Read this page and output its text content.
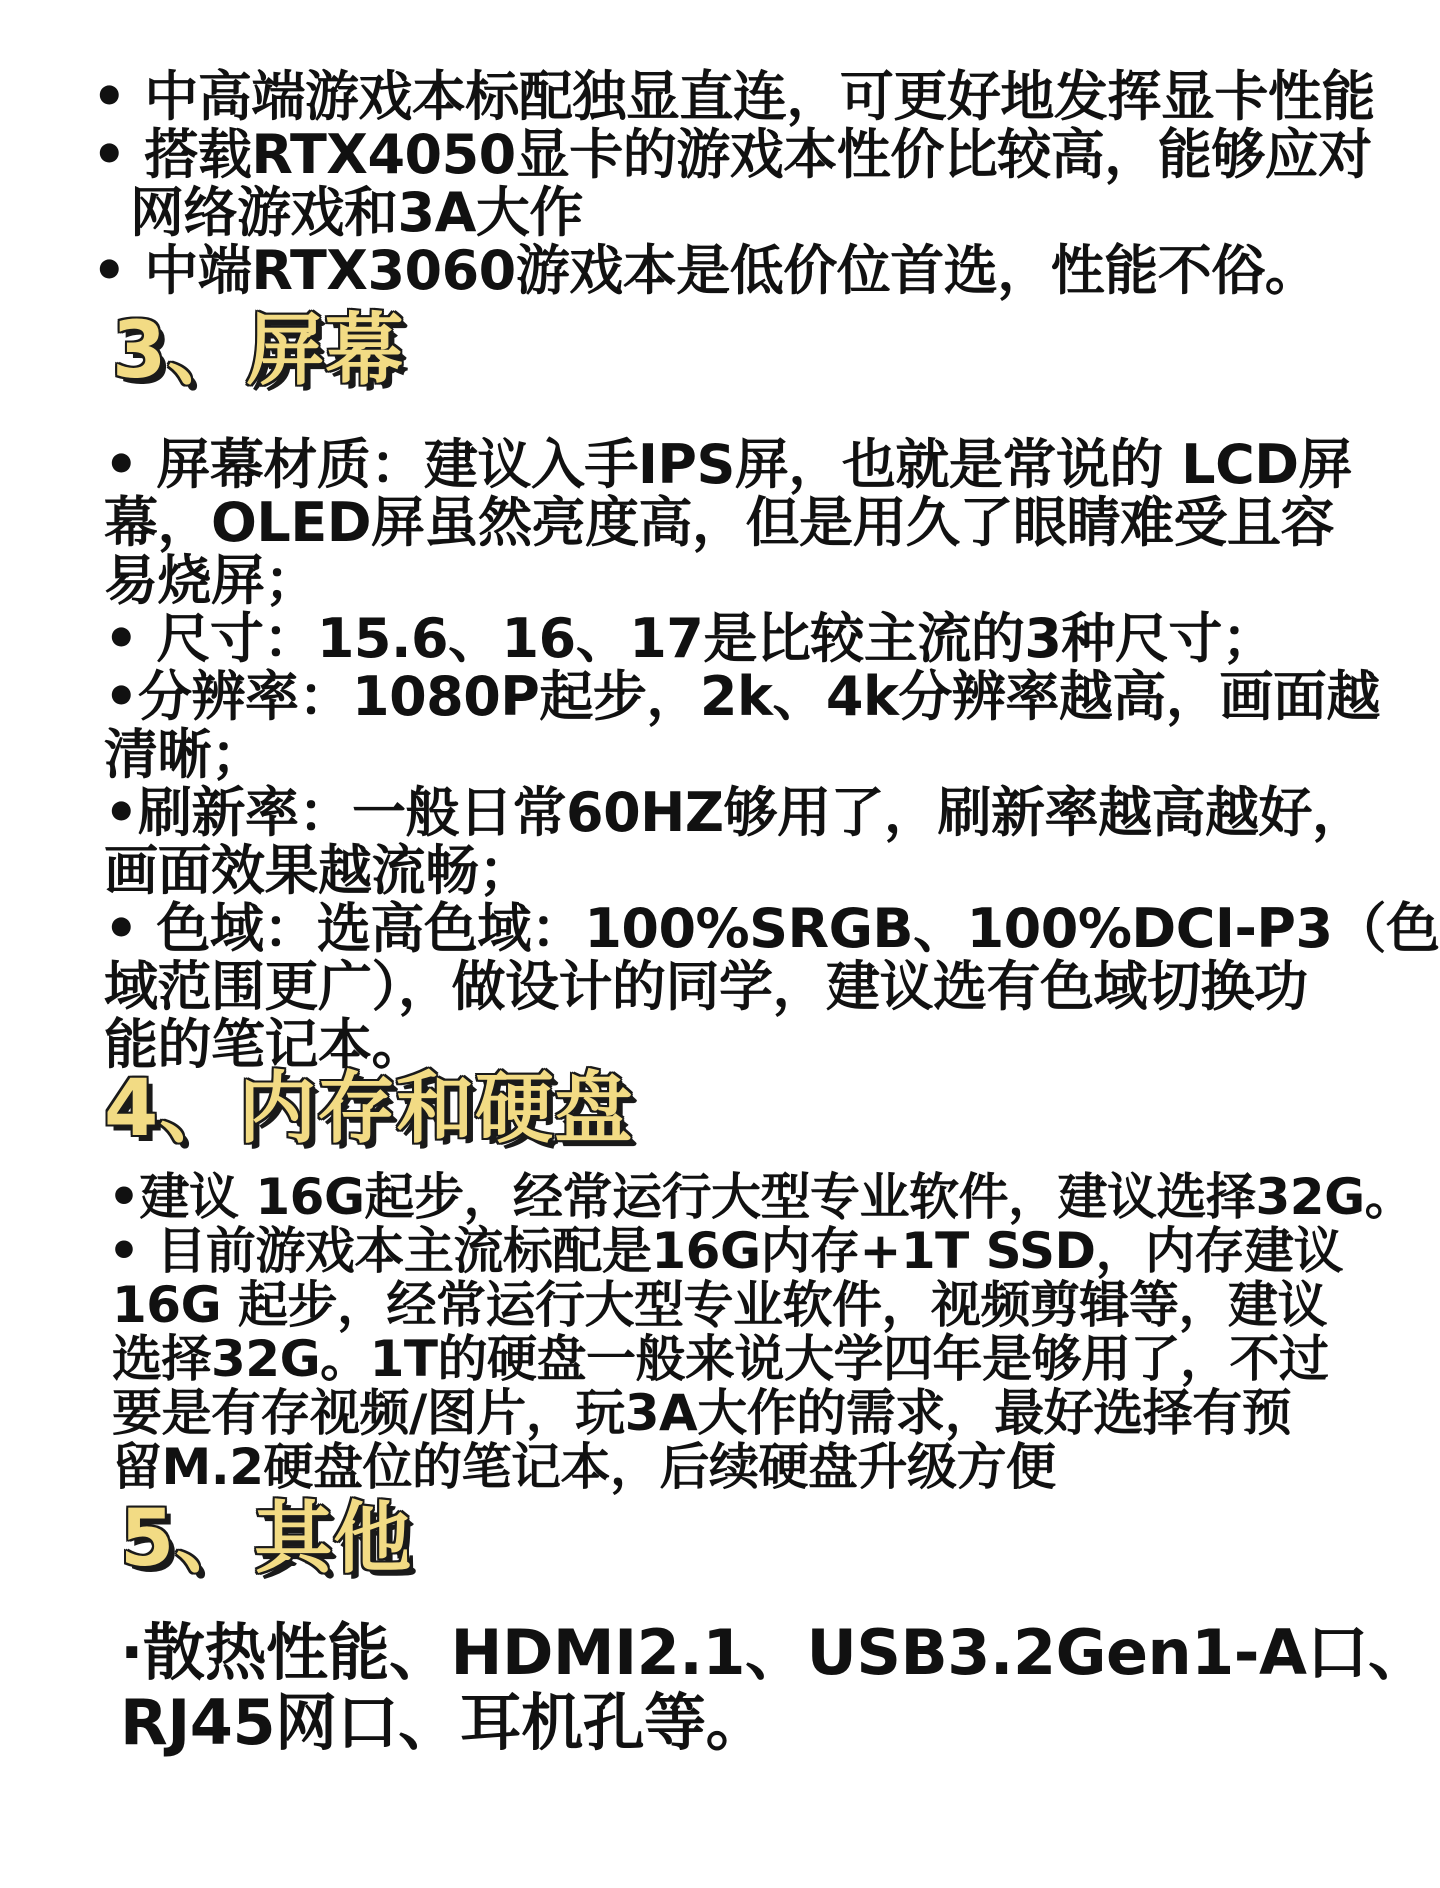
• 中高端游戏本标配独显直连，可更好地发挥显卡性能
• 搭载RTX4050显卡的游戏本性价比较高，能够应对
网络游戏和3A大作
• 中端RTX3060游戏本是低价位首选，性能不俗。
3、屏幕
• 屏幕材质：建议入手IPS屏，也就是常说的 LCD屏
幕，OLED屏虽然亮度高，但是用久了眼睛难受且容
易烧屏；
• 尺寸：15.6、16、17是比较主流的3种尺寸；
•分辨率：1080P起步，2k、4k分辨率越高，画面越
清晰；
•刷新率：一般日常60HZ够用了，刷新率越高越好，
画面效果越流畅；
• 色域：选高色域：100%SRGB、100%DCI-P3（色
域范围更广），做设计的同学，建议选有色域切换功
能的笔记本。
4、内存和硬盘
•建议 16G起步，经常运行大型专业软件，建议选择32G。
• 目前游戏本主流标配是16G内存+1T SSD，内存建议
16G 起步，经常运行大型专业软件，视频剪辑等，建议
选择32G。1T的硬盘一般来说大学四年是够用了，不过
要是有存视频/图片，玩3A大作的需求，最好选择有预
留M.2硬盘位的笔记本，后续硬盘升级方便
5、其他
·散热性能、HDMI2.1、USB3.2Gen1-A口、
RJ45网口、耳机孔等。
